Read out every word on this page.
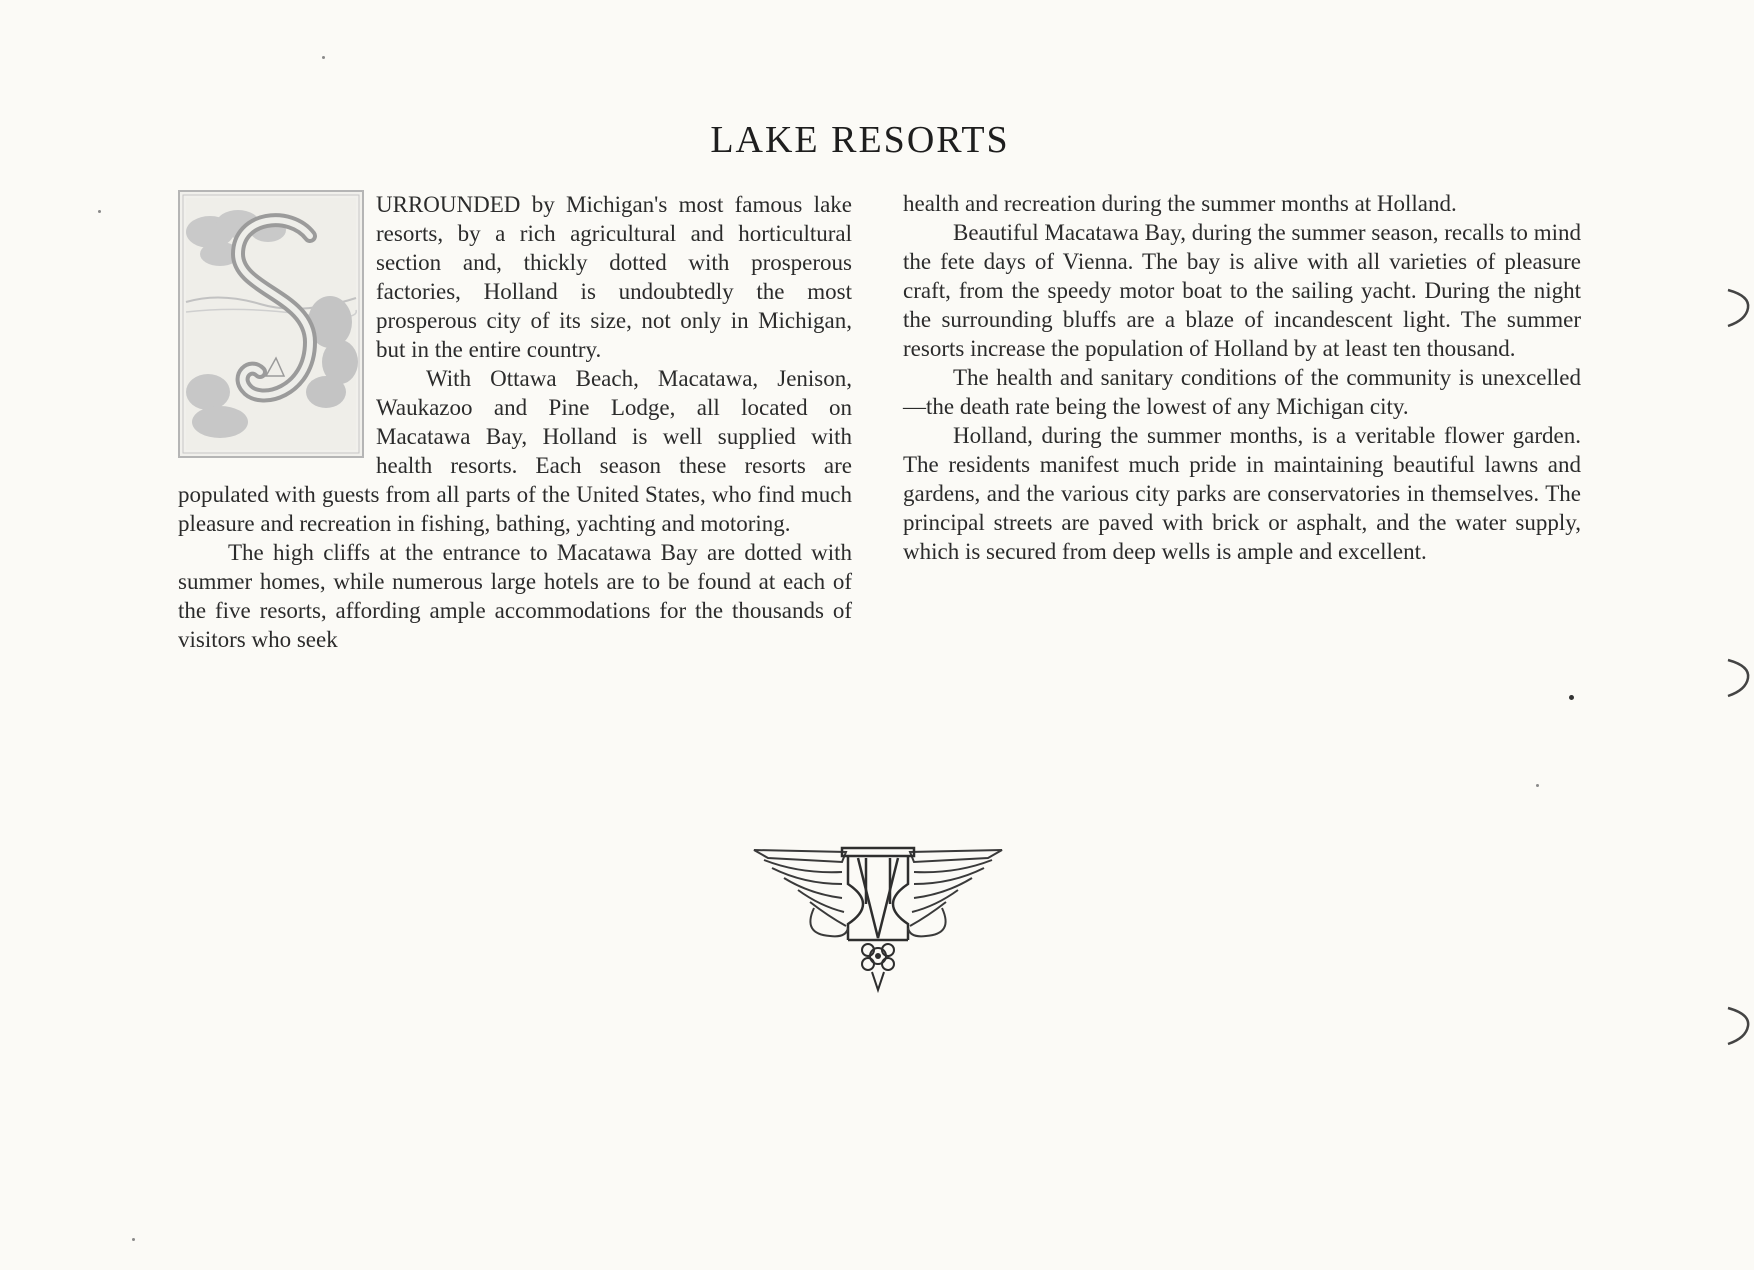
LAKE RESORTS

URROUNDED by Michigan's most famous lake resorts, by a rich agricultural and horticultural section and, thickly dotted with prosperous factories, Holland is undoubtedly the most prosperous city of its size, not only in Michigan, but in the entire country.

With Ottawa Beach, Macatawa, Jenison, Waukazoo and Pine Lodge, all located on Macatawa Bay, Holland is well supplied with health resorts. Each season these resorts are populated with guests from all parts of the United States, who find much pleasure and recreation in fishing, bathing, yachting and motoring.

The high cliffs at the entrance to Macatawa Bay are dotted with summer homes, while numerous large hotels are to be found at each of the five resorts, affording ample accommodations for the thousands of visitors who seek

health and recreation during the summer months at Holland.

Beautiful Macatawa Bay, during the summer season, recalls to mind the fete days of Vienna. The bay is alive with all varieties of pleasure craft, from the speedy motor boat to the sailing yacht. During the night the surrounding bluffs are a blaze of incandescent light. The summer resorts increase the population of Holland by at least ten thousand.

The health and sanitary conditions of the community is unexcelled—the death rate being the lowest of any Michigan city.

Holland, during the summer months, is a veritable flower garden. The residents manifest much pride in maintaining beautiful lawns and gardens, and the various city parks are conservatories in themselves. The principal streets are paved with brick or asphalt, and the water supply, which is secured from deep wells is ample and excellent.
